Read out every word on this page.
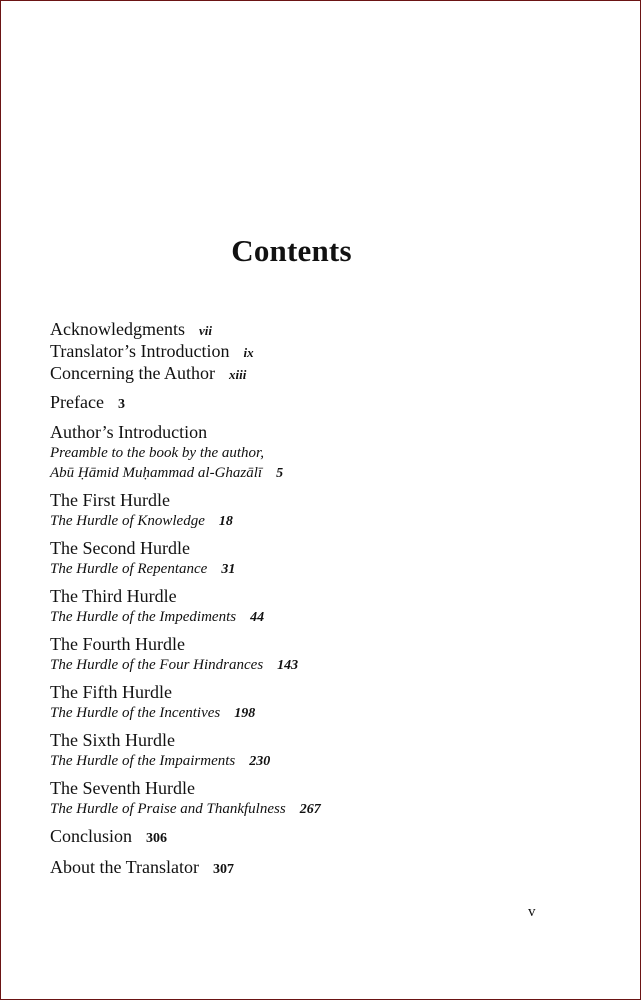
Contents
Acknowledgments vii
Translator’s Introduction ix
Concerning the Author xiii
Preface 3
Author’s Introduction
Preamble to the book by the author,
Abū Ḥāmid Muḥammad al-Ghazālī 5
The First Hurdle
The Hurdle of Knowledge 18
The Second Hurdle
The Hurdle of Repentance 31
The Third Hurdle
The Hurdle of the Impediments 44
The Fourth Hurdle
The Hurdle of the Four Hindrances 143
The Fifth Hurdle
The Hurdle of the Incentives 198
The Sixth Hurdle
The Hurdle of the Impairments 230
The Seventh Hurdle
The Hurdle of Praise and Thankfulness 267
Conclusion 306
About the Translator 307
v
